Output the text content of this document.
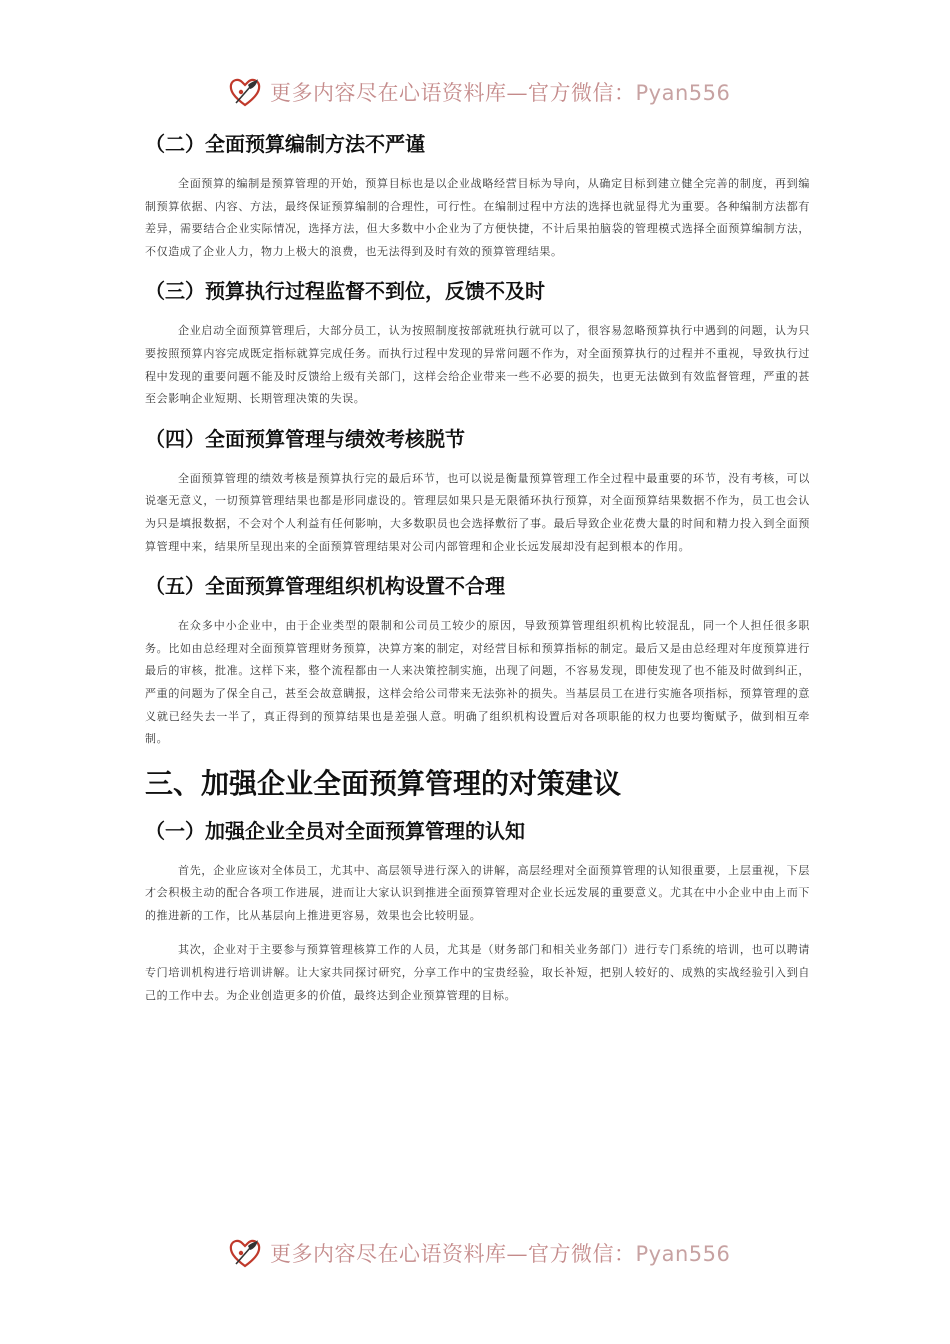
更多内容尽在心语资料库—官方微信：Pyan556
（二）全面预算编制方法不严谨

全面预算的编制是预算管理的开始，预算目标也是以企业战略经营目标为导向，从确定目标到建立健全完善的制度，再到编制预算依据、内容、方法，最终保证预算编制的合理性，可行性。在编制过程中方法的选择也就显得尤为重要。各种编制方法都有差异，需要结合企业实际情况，选择方法，但大多数中小企业为了方便快捷，不计后果拍脑袋的管理模式选择全面预算编制方法，不仅造成了企业人力，物力上极大的浪费，也无法得到及时有效的预算管理结果。

（三）预算执行过程监督不到位，反馈不及时

企业启动全面预算管理后，大部分员工，认为按照制度按部就班执行就可以了，很容易忽略预算执行中遇到的问题，认为只要按照预算内容完成既定指标就算完成任务。而执行过程中发现的异常问题不作为，对全面预算执行的过程并不重视，导致执行过程中发现的重要问题不能及时反馈给上级有关部门，这样会给企业带来一些不必要的损失，也更无法做到有效监督管理，严重的甚至会影响企业短期、长期管理决策的失误。

（四）全面预算管理与绩效考核脱节

全面预算管理的绩效考核是预算执行完的最后环节，也可以说是衡量预算管理工作全过程中最重要的环节，没有考核，可以说毫无意义，一切预算管理结果也都是形同虚设的。管理层如果只是无限循环执行预算，对全面预算结果数据不作为，员工也会认为只是填报数据，不会对个人利益有任何影响，大多数职员也会选择敷衍了事。最后导致企业花费大量的时间和精力投入到全面预算管理中来，结果所呈现出来的全面预算管理结果对公司内部管理和企业长远发展却没有起到根本的作用。

（五）全面预算管理组织机构设置不合理

在众多中小企业中，由于企业类型的限制和公司员工较少的原因，导致预算管理组织机构比较混乱，同一个人担任很多职务。比如由总经理对全面预算管理财务预算，决算方案的制定，对经营目标和预算指标的制定。最后又是由总经理对年度预算进行最后的审核，批准。这样下来，整个流程都由一人来决策控制实施，出现了问题，不容易发现，即使发现了也不能及时做到纠正，严重的问题为了保全自己，甚至会故意瞒报，这样会给公司带来无法弥补的损失。当基层员工在进行实施各项指标，预算管理的意义就已经失去一半了，真正得到的预算结果也是差强人意。明确了组织机构设置后对各项职能的权力也要均衡赋予，做到相互牵制。

三、加强企业全面预算管理的对策建议
（一）加强企业全员对全面预算管理的认知

首先，企业应该对全体员工，尤其中、高层领导进行深入的讲解，高层经理对全面预算管理的认知很重要，上层重视，下层才会积极主动的配合各项工作进展，进而让大家认识到推进全面预算管理对企业长远发展的重要意义。尤其在中小企业中由上而下的推进新的工作，比从基层向上推进更容易，效果也会比较明显。

其次，企业对于主要参与预算管理核算工作的人员，尤其是（财务部门和相关业务部门）进行专门系统的培训，也可以聘请专门培训机构进行培训讲解。让大家共同探讨研究，分享工作中的宝贵经验，取长补短，把别人较好的、成熟的实战经验引入到自己的工作中去。为企业创造更多的价值，最终达到企业预算管理的目标。

更多内容尽在心语资料库—官方微信：Pyan556
